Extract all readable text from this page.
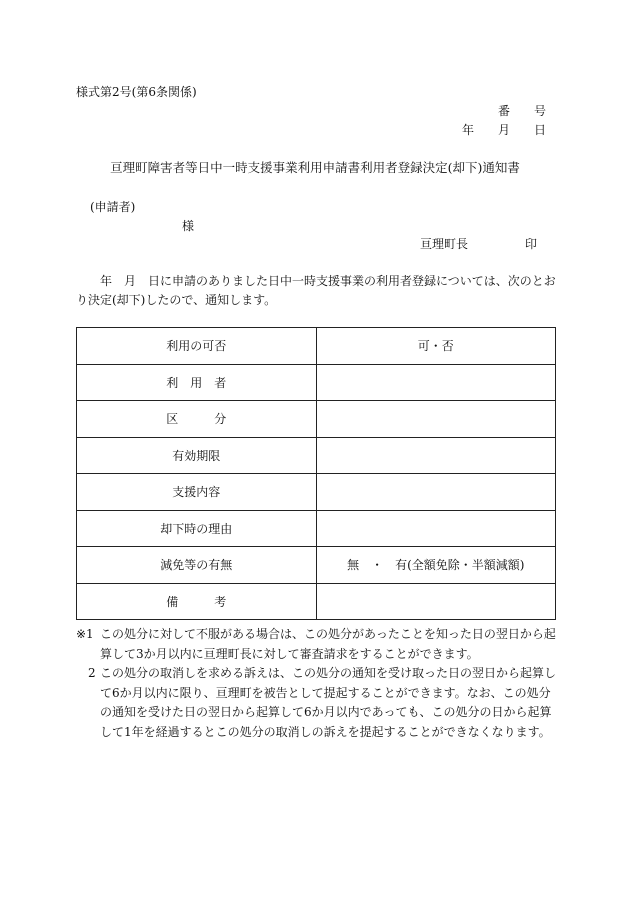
様式第2号(第6条関係)
番　　号
年　　月　　日
亘理町障害者等日中一時支援事業利用申請書利用者登録決定(却下)通知書
(申請者)
様
亘理町長	印
　　年　月　日に申請のありました日中一時支援事業の利用者登録については、次のとおり決定(却下)したので、通知します。
利用の可否	可・否
利　用　者	
区　　　分	
有効期限	
支援内容	
却下時の理由	
減免等の有無	無　・　有(全額免除・半額減額)
備　　　考	
※1 この処分に対して不服がある場合は、この処分があったことを知った日の翌日から起算して3か月以内に亘理町長に対して審査請求をすることができます。
2 この処分の取消しを求める訴えは、この処分の通知を受け取った日の翌日から起算して6か月以内に限り、亘理町を被告として提起することができます。なお、この処分の通知を受けた日の翌日から起算して6か月以内であっても、この処分の日から起算して1年を経過するとこの処分の取消しの訴えを提起することができなくなります。
